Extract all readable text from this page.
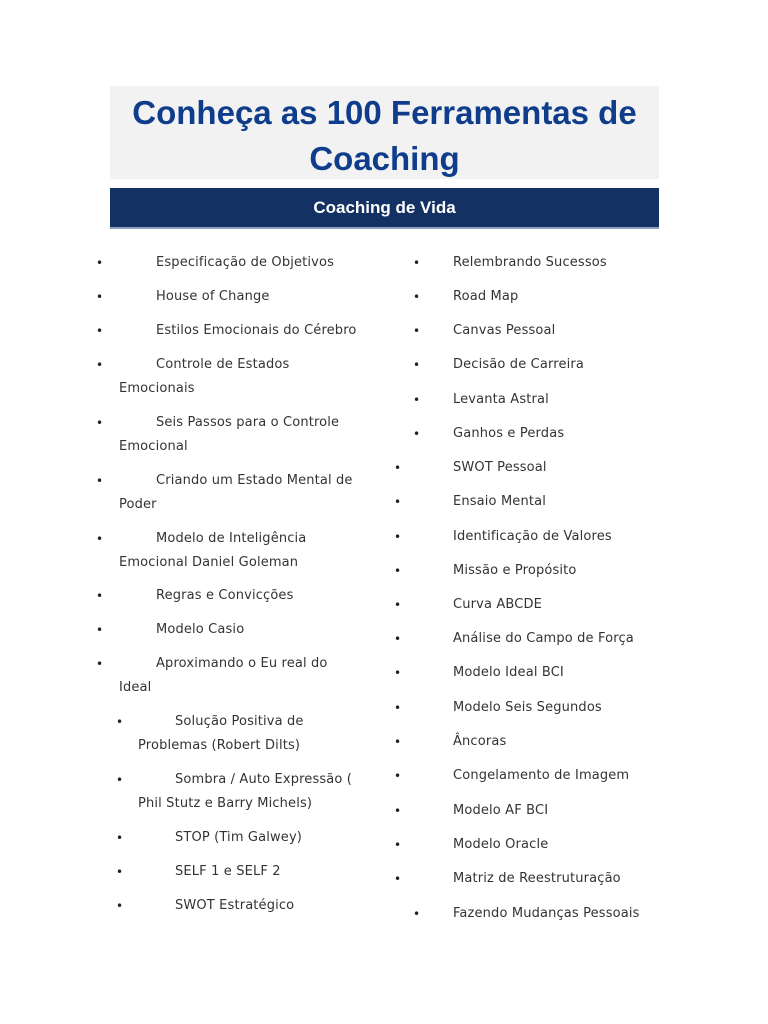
Conheça as 100 Ferramentas de Coaching
Coaching de Vida
•	Especificação de Objetivos
•	House of Change
•	Estilos Emocionais do Cérebro
•	Controle de Estados Emocionais
•	Seis Passos para o Controle Emocional
•	Criando um Estado Mental de Poder
•	Modelo de Inteligência Emocional Daniel Goleman
•	Regras e Convicções
•	Modelo Casio
•	Aproximando o Eu real do Ideal
•	Solução Positiva de Problemas (Robert Dilts)
•	Sombra / Auto Expressão ( Phil Stutz e Barry Michels)
•	STOP (Tim Galwey)
•	SELF 1 e SELF 2
•	SWOT Estratégico
•	Relembrando Sucessos
•	Road Map
•	Canvas Pessoal
•	Decisão de Carreira
•	Levanta Astral
•	Ganhos e Perdas
•	SWOT Pessoal
•	Ensaio Mental
•	Identificação de Valores
•	Missão e Propósito
•	Curva ABCDE
•	Análise do Campo de Força
•	Modelo Ideal BCI
•	Modelo Seis Segundos
•	Âncoras
•	Congelamento de Imagem
•	Modelo AF BCI
•	Modelo Oracle
•	Matriz de Reestruturação
•	Fazendo Mudanças Pessoais
